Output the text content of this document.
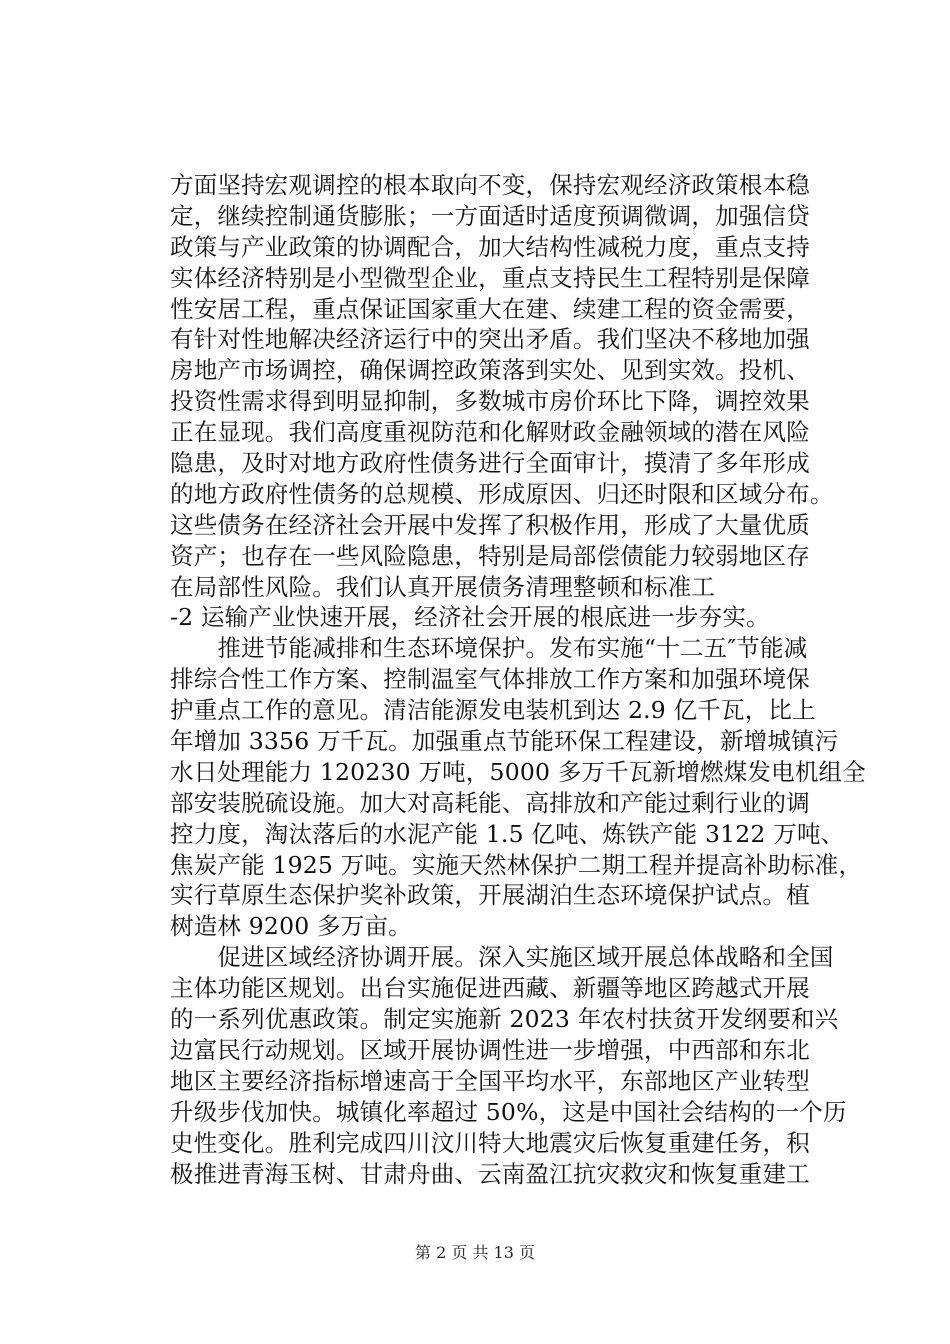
方面坚持宏观调控的根本取向不变，保持宏观经济政策根本稳
定，继续控制通货膨胀；一方面适时适度预调微调，加强信贷
政策与产业政策的协调配合，加大结构性减税力度，重点支持
实体经济特别是小型微型企业，重点支持民生工程特别是保障
性安居工程，重点保证国家重大在建、续建工程的资金需要，
有针对性地解决经济运行中的突出矛盾。我们坚决不移地加强
房地产市场调控，确保调控政策落到实处、见到实效。投机、
投资性需求得到明显抑制，多数城市房价环比下降，调控效果
正在显现。我们高度重视防范和化解财政金融领域的潜在风险
隐患，及时对地方政府性债务进行全面审计，摸清了多年形成
的地方政府性债务的总规模、形成原因、归还时限和区域分布。
这些债务在经济社会开展中发挥了积极作用，形成了大量优质
资产；也存在一些风险隐患，特别是局部偿债能力较弱地区存
在局部性风险。我们认真开展债务清理整顿和标准工
-2 运输产业快速开展，经济社会开展的根底进一步夯实。
　　推进节能减排和生态环境保护。发布实施“十二五″节能减
排综合性工作方案、控制温室气体排放工作方案和加强环境保
护重点工作的意见。清洁能源发电装机到达 2.9 亿千瓦，比上
年增加 3356 万千瓦。加强重点节能环保工程建设，新增城镇污
水日处理能力 120230 万吨，5000 多万千瓦新增燃煤发电机组全
部安装脱硫设施。加大对高耗能、高排放和产能过剩行业的调
控力度，淘汰落后的水泥产能 1.5 亿吨、炼铁产能 3122 万吨、
焦炭产能 1925 万吨。实施天然林保护二期工程并提高补助标准，
实行草原生态保护奖补政策，开展湖泊生态环境保护试点。植
树造林 9200 多万亩。
　　促进区域经济协调开展。深入实施区域开展总体战略和全国
主体功能区规划。出台实施促进西藏、新疆等地区跨越式开展
的一系列优惠政策。制定实施新 2023 年农村扶贫开发纲要和兴
边富民行动规划。区域开展协调性进一步增强，中西部和东北
地区主要经济指标增速高于全国平均水平，东部地区产业转型
升级步伐加快。城镇化率超过 50%，这是中国社会结构的一个历
史性变化。胜利完成四川汶川特大地震灾后恢复重建任务，积
极推进青海玉树、甘肃舟曲、云南盈江抗灾救灾和恢复重建工
第 2 页 共 13 页
